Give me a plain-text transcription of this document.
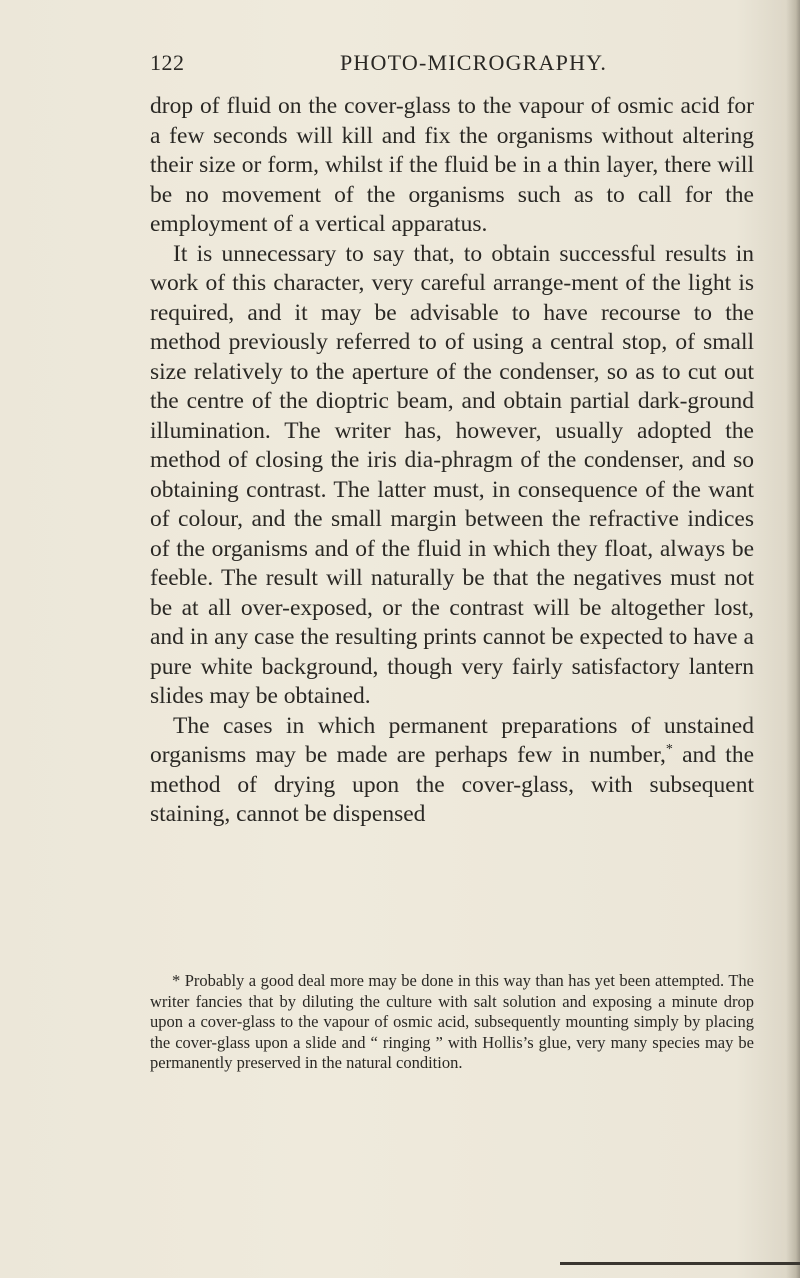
122	PHOTO-MICROGRAPHY.

drop of fluid on the cover-glass to the vapour of osmic acid for a few seconds will kill and fix the organisms without altering their size or form, whilst if the fluid be in a thin layer, there will be no movement of the organisms such as to call for the employment of a vertical apparatus.

It is unnecessary to say that, to obtain successful results in work of this character, very careful arrange-ment of the light is required, and it may be advisable to have recourse to the method previously referred to of using a central stop, of small size relatively to the aperture of the condenser, so as to cut out the centre of the dioptric beam, and obtain partial dark-ground illumination. The writer has, however, usually adopted the method of closing the iris dia-phragm of the condenser, and so obtaining contrast. The latter must, in consequence of the want of colour, and the small margin between the refractive indices of the organisms and of the fluid in which they float, always be feeble. The result will naturally be that the negatives must not be at all over-exposed, or the contrast will be altogether lost, and in any case the resulting prints cannot be expected to have a pure white background, though very fairly satisfactory lantern slides may be obtained.

The cases in which permanent preparations of unstained organisms may be made are perhaps few in number,* and the method of drying upon the cover-glass, with subsequent staining, cannot be dispensed

* Probably a good deal more may be done in this way than has yet been attempted. The writer fancies that by diluting the culture with salt solution and exposing a minute drop upon a cover-glass to the vapour of osmic acid, subsequently mounting simply by placing the cover-glass upon a slide and “ ringing ” with Hollis’s glue, very many species may be permanently preserved in the natural condition.
